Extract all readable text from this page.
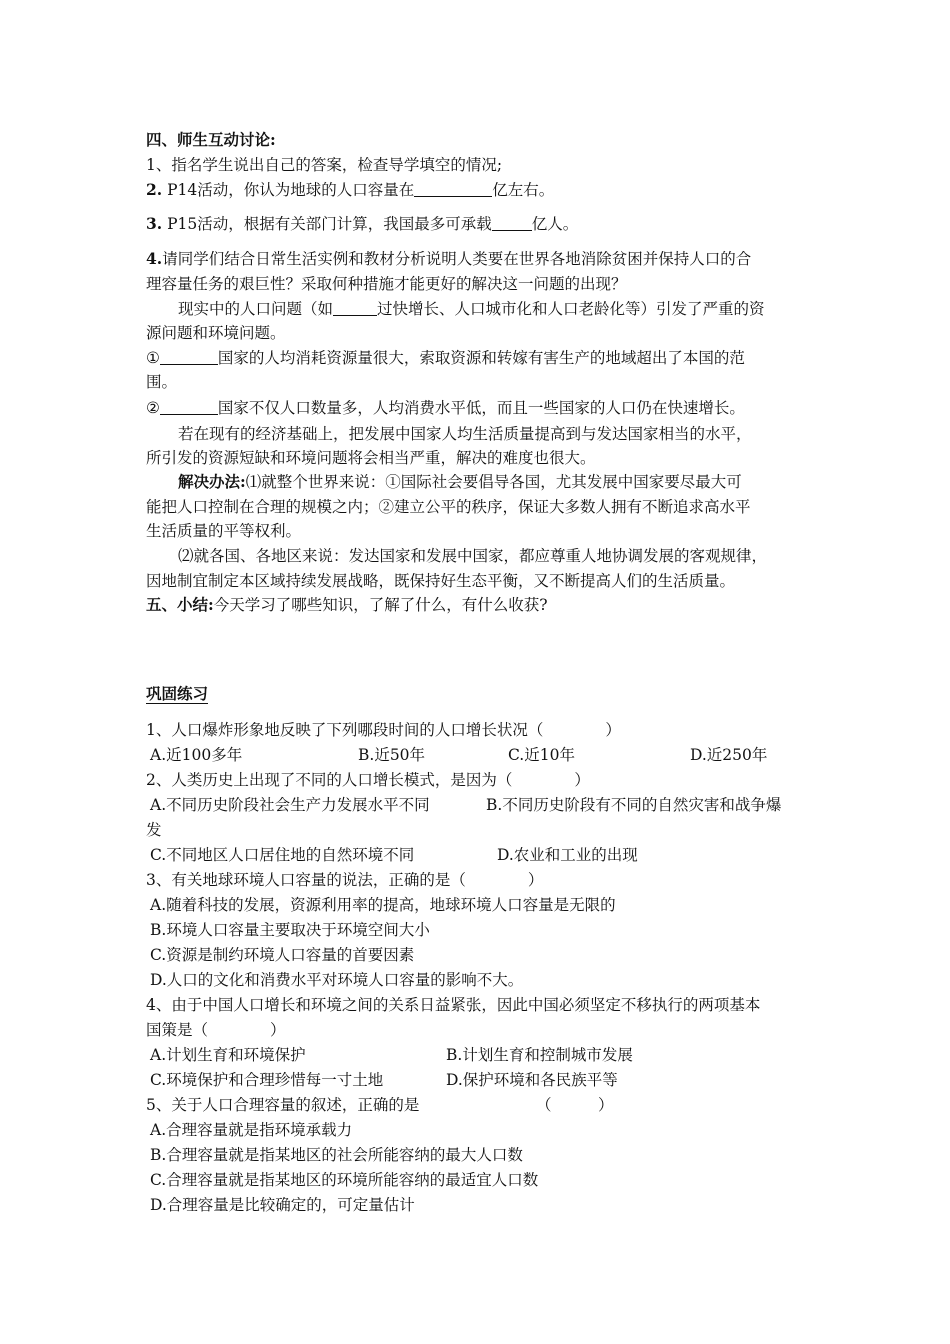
四、师生互动讨论:
1、指名学生说出自己的答案，检查导学填空的情况;
2. P14活动，你认为地球的人口容量在	亿左右。
3. P15活动，根据有关部门计算，我国最多可承载	亿人。
4.请同学们结合日常生活实例和教材分析说明人类要在世界各地消除贫困并保持人口的合
理容量任务的艰巨性？采取何种措施才能更好的解决这一问题的出现？
现实中的人口问题（如	过快增长、人口城市化和人口老龄化等）引发了严重的资
源问题和环境问题。
①	国家的人均消耗资源量很大，索取资源和转嫁有害生产的地域超出了本国的范
围。
②	国家不仅人口数量多，人均消费水平低，而且一些国家的人口仍在快速增长。
若在现有的经济基础上，把发展中国家人均生活质量提高到与发达国家相当的水平，
所引发的资源短缺和环境问题将会相当严重，解决的难度也很大。
解决办法:⑴就整个世界来说：①国际社会要倡导各国，尤其发展中国家要尽最大可
能把人口控制在合理的规模之内；②建立公平的秩序，保证大多数人拥有不断追求高水平
生活质量的平等权利。
⑵就各国、各地区来说：发达国家和发展中国家，都应尊重人地协调发展的客观规律，
因地制宜制定本区域持续发展战略，既保持好生态平衡，又不断提高人们的生活质量。
五、小结:今天学习了哪些知识，了解了什么，有什么收获?
巩固练习
1、人口爆炸形象地反映了下列哪段时间的人口增长状况（　　　　）
A.近100多年	B.近50年	C.近10年	D.近250年
2、人类历史上出现了不同的人口增长模式，是因为（　　　　）
A.不同历史阶段社会生产力发展水平不同	B.不同历史阶段有不同的自然灾害和战争爆
发
C.不同地区人口居住地的自然环境不同	D.农业和工业的出现
3、有关地球环境人口容量的说法，正确的是（　　　　）
A.随着科技的发展，资源利用率的提高，地球环境人口容量是无限的
B.环境人口容量主要取决于环境空间大小
C.资源是制约环境人口容量的首要因素
D.人口的文化和消费水平对环境人口容量的影响不大。
4、由于中国人口增长和环境之间的关系日益紧张，因此中国必须坚定不移执行的两项基本
国策是（　　　　）
A.计划生育和环境保护	B.计划生育和控制城市发展
C.环境保护和合理珍惜每一寸土地	D.保护环境和各民族平等
5、关于人口合理容量的叙述，正确的是	（　　　）
A.合理容量就是指环境承载力
B.合理容量就是指某地区的社会所能容纳的最大人口数
C.合理容量就是指某地区的环境所能容纳的最适宜人口数
D.合理容量是比较确定的，可定量估计
